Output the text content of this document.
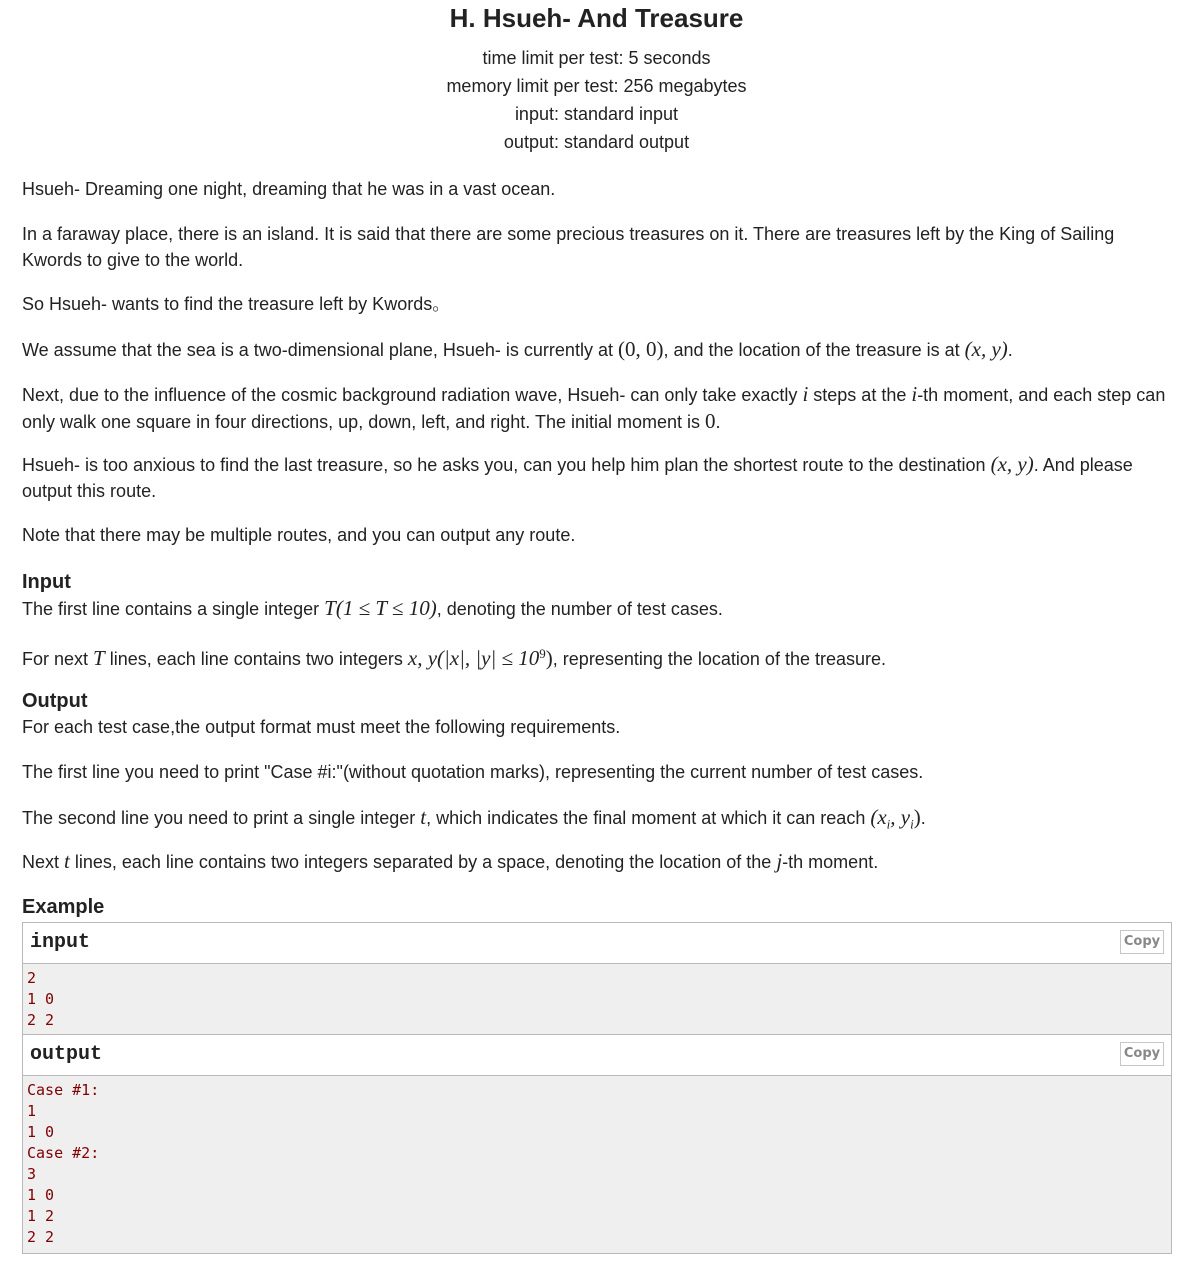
H. Hsueh- And Treasure
time limit per test: 5 seconds
memory limit per test: 256 megabytes
input: standard input
output: standard output

Hsueh- Dreaming one night, dreaming that he was in a vast ocean.

In a faraway place, there is an island. It is said that there are some precious treasures on it. There are treasures left by the King of Sailing Kwords to give to the world.

So Hsueh- wants to find the treasure left by Kwords。

We assume that the sea is a two-dimensional plane, Hsueh- is currently at (0, 0), and the location of the treasure is at (x, y).

Next, due to the influence of the cosmic background radiation wave, Hsueh- can only take exactly i steps at the i-th moment, and each step can only walk one square in four directions, up, down, left, and right. The initial moment is 0.

Hsueh- is too anxious to find the last treasure, so he asks you, can you help him plan the shortest route to the destination (x, y). And please output this route.

Note that there may be multiple routes, and you can output any route.

Input

The first line contains a single integer T(1 ≤ T ≤ 10), denoting the number of test cases.

For next T lines, each line contains two integers x, y(|x|, $|y| \le 10^9$), representing the location of the treasure.

Output

For each test case,the output format must meet the following requirements.

The first line you need to print "Case #i:"(without quotation marks), representing the current number of test cases.

The second line you need to print a single integer t, which indicates the final moment at which it can reach ($x_i$, $y_i$).

Next t lines, each line contains two integers separated by a space, denoting the location of the j-th moment.

Example
input	Copy
2
1 0
2 2
output	Copy
Case #1:
1
1 0
Case #2:
3
1 0
1 2
2 2
